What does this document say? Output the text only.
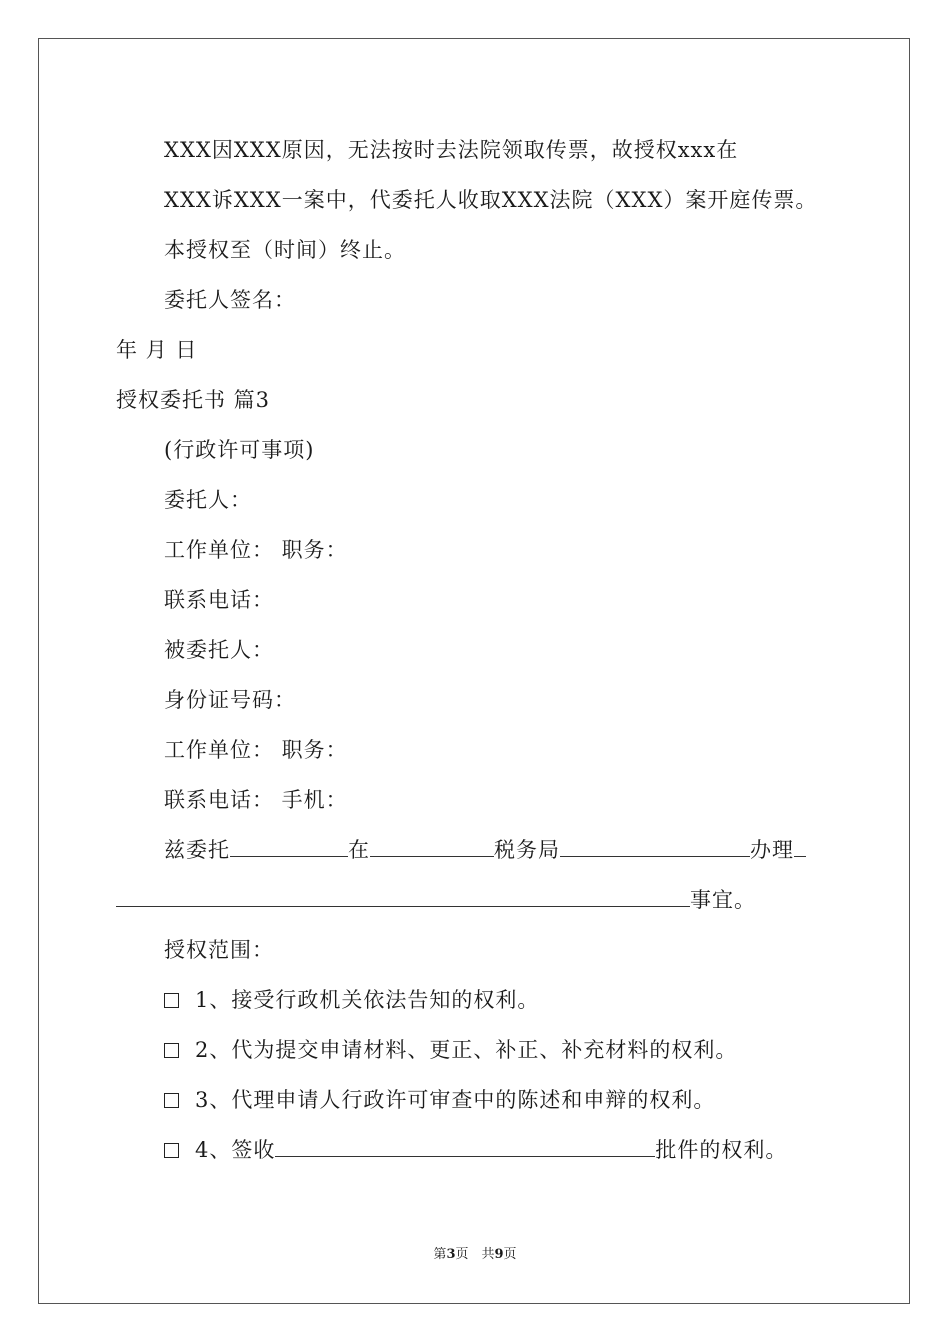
XXX因XXX原因，无法按时去法院领取传票，故授权xxx在
XXX诉XXX一案中，代委托人收取XXX法院（XXX）案开庭传票。
本授权至（时间）终止。
委托人签名：
年 月 日
授权委托书 篇3
(行政许可事项)
委托人：
工作单位： 职务：
联系电话：
被委托人：
身份证号码：
工作单位： 职务：
联系电话： 手机：
兹委托	在	税务局	办理
事宜。
授权范围：
1、接受行政机关依法告知的权利。
2、代为提交申请材料、更正、补正、补充材料的权利。
3、代理申请人行政许可审查中的陈述和申辩的权利。
4、签收	批件的权利。
第3页　共9页
